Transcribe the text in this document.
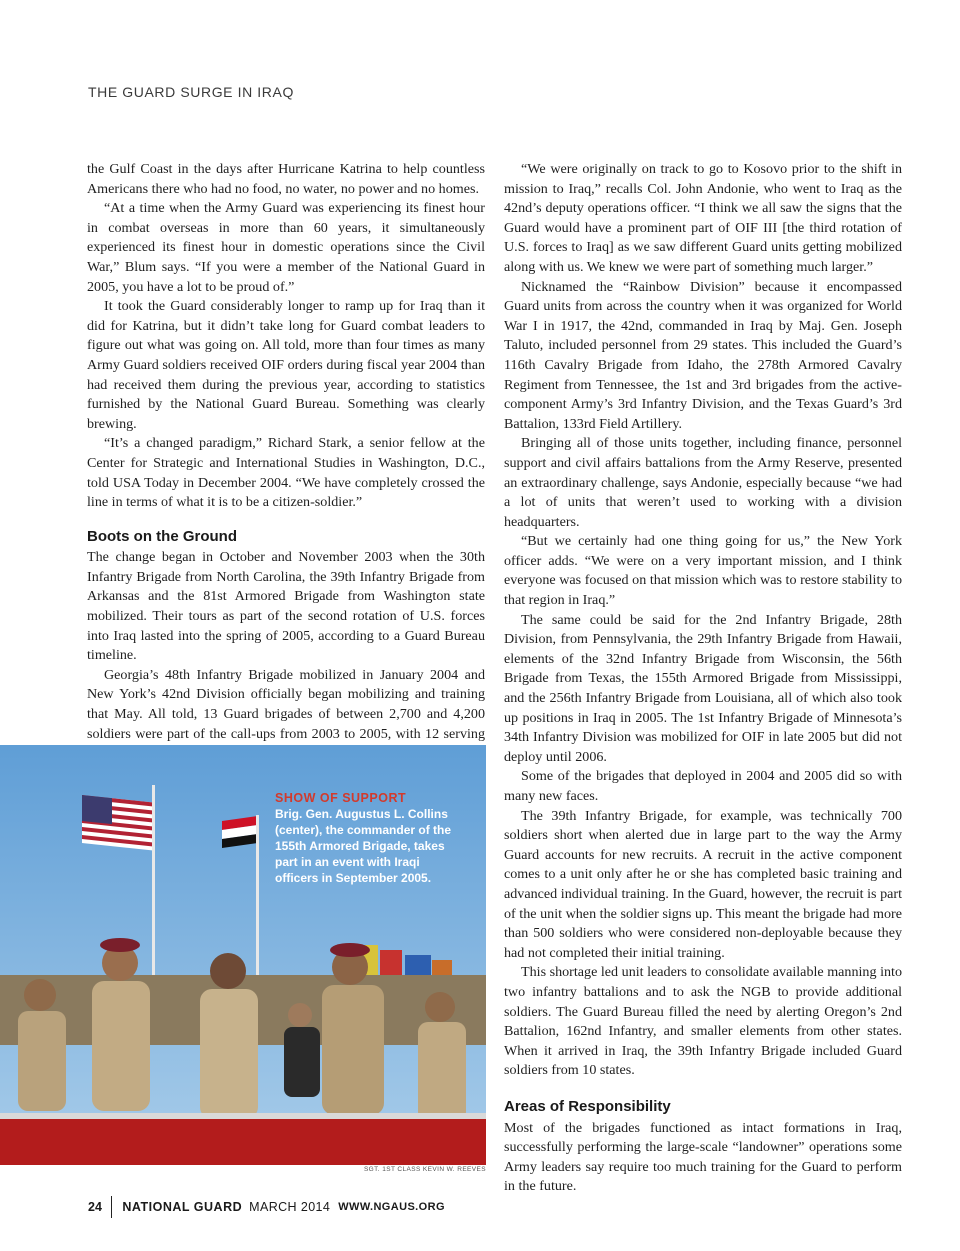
THE GUARD SURGE IN IRAQ

the Gulf Coast in the days after Hurricane Katrina to help countless Americans there who had no food, no water, no power and no homes.

“At a time when the Army Guard was experiencing its finest hour in combat overseas in more than 60 years, it simultaneously experienced its finest hour in domestic operations since the Civil War,” Blum says. “If you were a member of the National Guard in 2005, you have a lot to be proud of.”

It took the Guard considerably longer to ramp up for Iraq than it did for Katrina, but it didn’t take long for Guard combat leaders to figure out what was going on. All told, more than four times as many Army Guard soldiers received OIF orders during fiscal year 2004 than had received them during the previous year, according to statistics furnished by the National Guard Bureau. Something was clearly brewing.

“It’s a changed paradigm,” Richard Stark, a senior fellow at the Center for Strategic and International Studies in Washington, D.C., told USA Today in December 2004. “We have completely crossed the line in terms of what it is to be a citizen-soldier.”

Boots on the Ground

The change began in October and November 2003 when the 30th Infantry Brigade from North Carolina, the 39th Infantry Brigade from Arkansas and the 81st Armored Brigade from Washington state mobilized. Their tours as part of the second rotation of U.S. forces into Iraq lasted into the spring of 2005, according to a Guard Bureau timeline.

Georgia’s 48th Infantry Brigade mobilized in January 2004 and New York’s 42nd Division officially began mobilizing and training that May. All told, 13 Guard brigades of between 2,700 and 4,200 soldiers were part of the call-ups from 2003 to 2005, with 12 serving

SHOW OF SUPPORT
Brig. Gen. Augustus L. Collins (center), the commander of the 155th Armored Brigade, takes part in an event with Iraqi officers in September 2005.
SGT. 1ST CLASS KEVIN W. REEVES

“We were originally on track to go to Kosovo prior to the shift in mission to Iraq,” recalls Col. John Andonie, who went to Iraq as the 42nd’s deputy operations officer. “I think we all saw the signs that the Guard would have a prominent part of OIF III [the third rotation of U.S. forces to Iraq] as we saw different Guard units getting mobilized along with us. We knew we were part of something much larger.”

Nicknamed the “Rainbow Division” because it encompassed Guard units from across the country when it was organized for World War I in 1917, the 42nd, commanded in Iraq by Maj. Gen. Joseph Taluto, included personnel from 29 states. This included the Guard’s 116th Cavalry Brigade from Idaho, the 278th Armored Cavalry Regiment from Tennessee, the 1st and 3rd brigades from the active-component Army’s 3rd Infantry Division, and the Texas Guard’s 3rd Battalion, 133rd Field Artillery.

Bringing all of those units together, including finance, personnel support and civil affairs battalions from the Army Reserve, presented an extraordinary challenge, says Andonie, especially because “we had a lot of units that weren’t used to working with a division headquarters.

“But we certainly had one thing going for us,” the New York officer adds. “We were on a very important mission, and I think everyone was focused on that mission which was to restore stability to that region in Iraq.”

The same could be said for the 2nd Infantry Brigade, 28th Division, from Pennsylvania, the 29th Infantry Brigade from Hawaii, elements of the 32nd Infantry Brigade from Wisconsin, the 56th Brigade from Texas, the 155th Armored Brigade from Mississippi, and the 256th Infantry Brigade from Louisiana, all of which also took up positions in Iraq in 2005. The 1st Infantry Brigade of Minnesota’s 34th Infantry Division was mobilized for OIF in late 2005 but did not deploy until 2006.

Some of the brigades that deployed in 2004 and 2005 did so with many new faces.

The 39th Infantry Brigade, for example, was technically 700 soldiers short when alerted due in large part to the way the Army Guard accounts for new recruits. A recruit in the active component comes to a unit only after he or she has completed basic training and advanced individual training. In the Guard, however, the recruit is part of the unit when the soldier signs up. This meant the brigade had more than 500 soldiers who were considered non-deployable because they had not completed their initial training.

This shortage led unit leaders to consolidate available manning into two infantry battalions and to ask the NGB to provide additional soldiers. The Guard Bureau filled the need by alerting Oregon’s 2nd Battalion, 162nd Infantry, and smaller elements from other states. When it arrived in Iraq, the 39th Infantry Brigade included Guard soldiers from 10 states.

Areas of Responsibility

Most of the brigades functioned as intact formations in Iraq, successfully performing the large-scale “landowner” operations some Army leaders say require too much training for the Guard to perform in the future.

24 NATIONAL GUARD MARCH 2014 WWW.NGAUS.ORG
